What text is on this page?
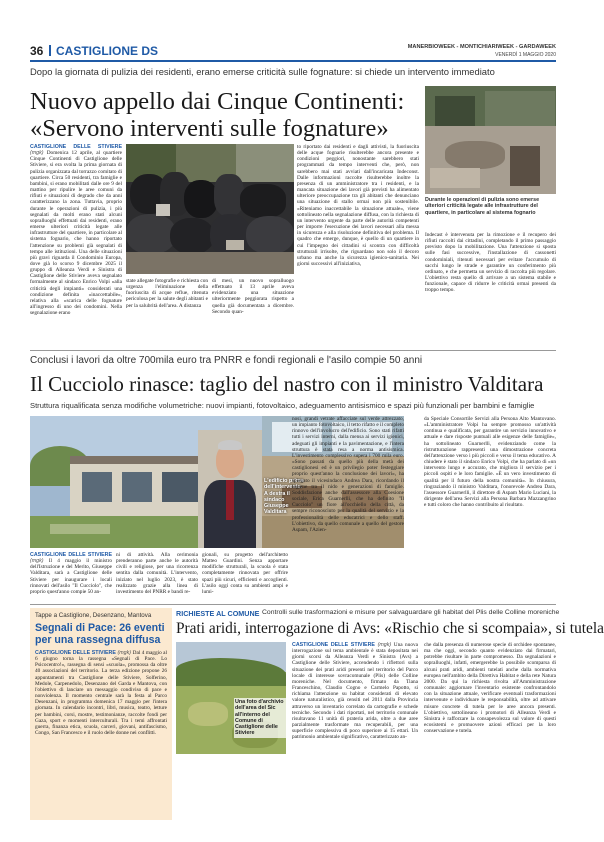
36 CASTIGLIONE DS	MANERBIOWEEK - MONTICHIARIWEEK - GARDAWEEK
VENERDÌ 1 MAGGIO 2020
Dopo la giornata di pulizia dei residenti, erano emerse criticità sulle fognature: si chiede un intervento immediato
Nuovo appello dai Cinque Continenti:
«Servono interventi sulle fognature»
Durante le operazioni di pulizia sono emerse ulteriori criticità legate alle infrastrutture del quartiere, in particolare al sistema fognario
CASTIGLIONE DELLE STIVIERE (mgk) Domenica 12 aprile, al quartiere Cinque Continenti di Castiglione delle Stiviere, si era svolta la prima giornata di pulizia organizzata dal torrazzo comitato di quartiere. Circa 50 residenti, tra famiglie e bambini, si erano mobilitati dalle ore 9 del mattino per ripulire le aree comuni da rifiuti e situazioni di degrado che da anni caratterizzano la zona. Tuttavia, proprio durante le operazioni di pulizia, i più segnalati da molti erano stati alcuni sopralluoghi effettuati dai residenti, erano emerse ulteriori criticità legate alle infrastrutture del quartiere, in particolare al sistema fognario, che hanno riportato l'attenzione su problemi già segnalati di tempo alle istituzioni. Una delle situazioni più gravi riguarda il Condominio Europa, dove già lo scorso 9 dicembre 2025 il gruppo di Alleanza Verdi e Sinistra di Castiglione delle Stiviere aveva segnalato formalmente al sindaco Enrico Volpi «alla criticità degli impianti» considerati una condizione definita «inaccettabile», relativa alla «scarica delle fognature all'ingresso di uno dei condomini. Nella segnalazione erano
to riportato dai residenti e dagli attivisti, la fuoriuscita delle acque fognarie risulterebbe ancora presente e condizioni peggiori, nonostante sarebbero stati programmati da tempo interventi che, però, non sarebbero mai stati avviati dall'incaricata Indeconst. Dalle informazioni raccolte risulterebbe inoltre la presenza di un amministratore tra i residenti, e la mancata situazione dei lavori già previsti ha alimentato ulteriore preoccupazione tra gli abitanti che denunciano una situazione di stallo ormai non più sostenibile. «Riteniamo inaccettabile la situazione attuale», viene sottolineato nella segnalazione diffusa, con la richiesta di un intervento urgente da parte delle autorità competenti per imporre l'esecuzione dei lavori necessari alla messa in sicurezza e alla risoluzione definitiva del problema. Il quadro che emerge, dunque, è quello di un quartiere in cui l'impegno dei cittadini si scontra con difficoltà strutturali irrisolte, che riguardano non solo il decoro urbano ma anche la sicurezza igienico-sanitaria. Nei giorni successivi all'iniziativa,
state allegate fotografie e richiesta con urgenza l'eliminazione della fuoriuscita di acque reflue, ritenuta pericolosa per la salute degli abitanti e per la salubrità dell'area. A distanza
di mesi, un nuovo sopralluogo effettuato il 13 aprile aveva evidenziato una situazione ulteriormente peggiorata rispetto a quella già documentata a dicembre. Secondo quan-
Indecast è intervenuta per la rimozione e il recupero dei rifiuti raccolti dai cittadini, completando il primo passaggio previsto dopo la mobilitazione. Una l'attenzione si sposta sulle fasi successive, l'installazione di cassonetti condominiali, ritenuti necessari per evitare l'accumulo di sacchi lungo le strade e garantire un conferimento più ordinato, e che permetta un servizio di raccolta più regolare. L'obiettivo resta quello di arrivare a un sistema stabile e funzionale, capace di ridurre le criticità ormai presenti da troppo tempo.
Conclusi i lavori da oltre 700mila euro tra PNRR e fondi regionali e l'asilo compie 50 anni
Il Cucciolo rinasce: taglio del nastro con il ministro Valditara
Struttura riqualificata senza modifiche volumetriche: nuovi impianti, fotovoltaico, adeguamento antisismico e spazi più funzionali per bambini e famiglie
L'edificio prima dell'intervento. A destra il sindaco Giuseppe Valditara
CASTIGLIONE DELLE STIVIERE (mgk) Il 4 maggio il ministro dell'Istruzione e del Merito, Giuseppe Valditara, sarà a Castiglione delle Stiviere per inaugurare i locali rinnovati dell'asilo "Il Cucciolo", che proprio quest'anno compie 50 an-
ni di attività. Alla cerimonia prenderanno parte anche le autorità civili e religiose, per una ricorrenza sentita dalla comunità. L'intervento, iniziato nel luglio 2023, è stato realizzato grazie alla linea di investimento del PNRR e bandi re-
gionali, su progetto dell'architetto Matteo Guardini. Senza apportare modifiche strutturali, la scuola è stata completamente rinnovata per offrire spazi più sicuri, efficienti e accoglienti. L'asilo oggi conta su ambienti ampi e lumi-
nosi, grandi vetrate affacciate sul verde attrezzato, un impianto fotovoltaico, il tetto rifatto e il completo rinnovo dell'involucro dell'edificio. Sono stati rifatti tutti i servizi interni, dalla mensa ai servizi igienici, adeguati gli impianti e la pavimentazione, e l'intera struttura è stata resa a norma antisismica. L'investimento complessivo supera i 700 mila euro. «Sono passati da quello più della metà dei castiglionesi ed è un privilegio poter festeggiare proprio quest'anno la conclusione dei lavori», ha spiegato il vicesindaco Andrea Dara, ricordando il legame tra il nido e generazioni di famiglie. Soddisfazione anche dall'assessore alla Coesione sociale, Erica Guarnerlli, che ha definito "Il Cucciolo" un fiore all'occhiello della città, da sempre riconosciuto per la qualità del servizio e la professionalità delle educatrici e dello staff. L'obiettivo, da quello comunale a quello del gestore Aspam, l'Azien-
da Speciale Consortile Servizi alla Persona Alto Mantovano. «L'amministratore Volpi ha sempre promosso un'attività continua e qualificata, per garantire un servizio innovativo e attuale e dare risposte puntuali alle esigenze delle famiglie», ha sottolineato Guarnerlli, evidenziando come la ristrutturazione rappresenti una dimostrazione concreta dell'attenzione verso i più piccoli e verso il tema educativo. A chiudere è stato il sindaco Enrico Volpi, che ha parlato di «un intervento lungo e accurato, che migliora il servizio per i piccoli ospiti e le loro famiglie. «È un vero investimento di qualità per il futuro della nostra comunità». In chiusura, ringraziando il ministro Valditara, l'onorevole Andrea Dara, l'assessore Guarnerlli, il direttore di Aspam Mario Luciani, la dirigente dell'area Servizi alla Persona Barbara Mazzangrino e tutti coloro che hanno contribuito al risultato.
Tappe a Castiglione, Desenzano, Mantova
Segnali di Pace: 26 eventi per una rassegna diffusa
CASTIGLIONE DELLE STIVIERE (mgk) Dal 4 maggio al 6 giugno torna la rassegna «Segnali di Pace. Lo Psicocentro!», rassegna di sensi «scuola», promossa da oltre 40 associazioni del territorio. La terza edizione propone 26 appuntamenti tra Castiglione delle Stiviere, Solferino, Medole, Carpenedolo, Desenzano del Garda e Mantova, con l'obiettivo di lanciare un messaggio condiviso di pace e nonviolenza. Il momento centrale sarà la festa al Parco Desenzani, in programma domenica 17 maggio per l'intera giornata. In calendario incontri, libri, musica, teatro, letture per bambini, corsi, mostre, testimonianze, raccolte fondi per Gaza, sport e momenti interculturali. Tra i temi affrontati guerra, finanza etica, scuola, carceri, giovani, antifascismo, Congo, San Francesco e il ruolo delle donne nei conflitti.
RICHIESTE AL COMUNE Controlli sulle trasformazioni e misure per salvaguardare gli habitat del Plis delle Colline moreniche
Prati aridi, interrogazione di Avs: «Rischio che si scompaia», si tutela
Una foto d'archivio dell'area del Sic all'interno del Comune di Castiglione delle Stiviere
CASTIGLIONE DELLE STIVIERE (mgk) Una nuova interrogazione sul tema ambientale è stata depositata nei giorni scorsi da Alleanza Verdi e Sinistra (Avs) a Castiglione delle Stiviere, accendendo i riflettori sulla situazione dei prati aridi presenti nel territorio del Parco locale di interesse sovracomunale (Plis) delle Colline moreniche. Nel documento, firmato da Tiana Franceschino, Claudio Cogno e Carmelo Papotto, si richiama l'attenzione su habitat considerati di elevato valore naturalistico, già censiti nel 2011 dalla Provincia attraverso un inventario correlato da cartografie e schede tecniche. Secondo i dati riportati, nel territorio comunale risultavano 11 unità di prateria arida, oltre a due aree parzialmente trasformate ma recuperabili, per una superficie complessiva di poco superiore ai 15 ettari. Un patrimonio ambientale significativo, caratterizzato an-
che dalla presenza di numerose specie di orchidee spontanee, ma che oggi, secondo quanto evidenziato dai firmatari, potrebbe risultare in parte compromesso. Da segnalazioni e sopralluoghi, infatti, emergerebbe la possibile scomparsa di alcuni prati aridi, ambienti tutelati anche dalla normativa europea nell'ambito della Direttiva Habitat e della rete Natura 2000. Da qui la richiesta rivolta all'Amministrazione comunale: aggiornare l'inventario esistente confrontandolo con la situazione attuale, verificare eventuali trasformazioni intervenute e individuare le responsabilità, oltre ad attivare misure concrete di tutela per le aree ancora presenti. L'obiettivo, sottolineano i promotori di Alleanza Verdi e Sinistra è rafforzare la consapevolezza sul valore di questi ecosistemi e promuovere azioni efficaci per la loro conservazione e tutela.
